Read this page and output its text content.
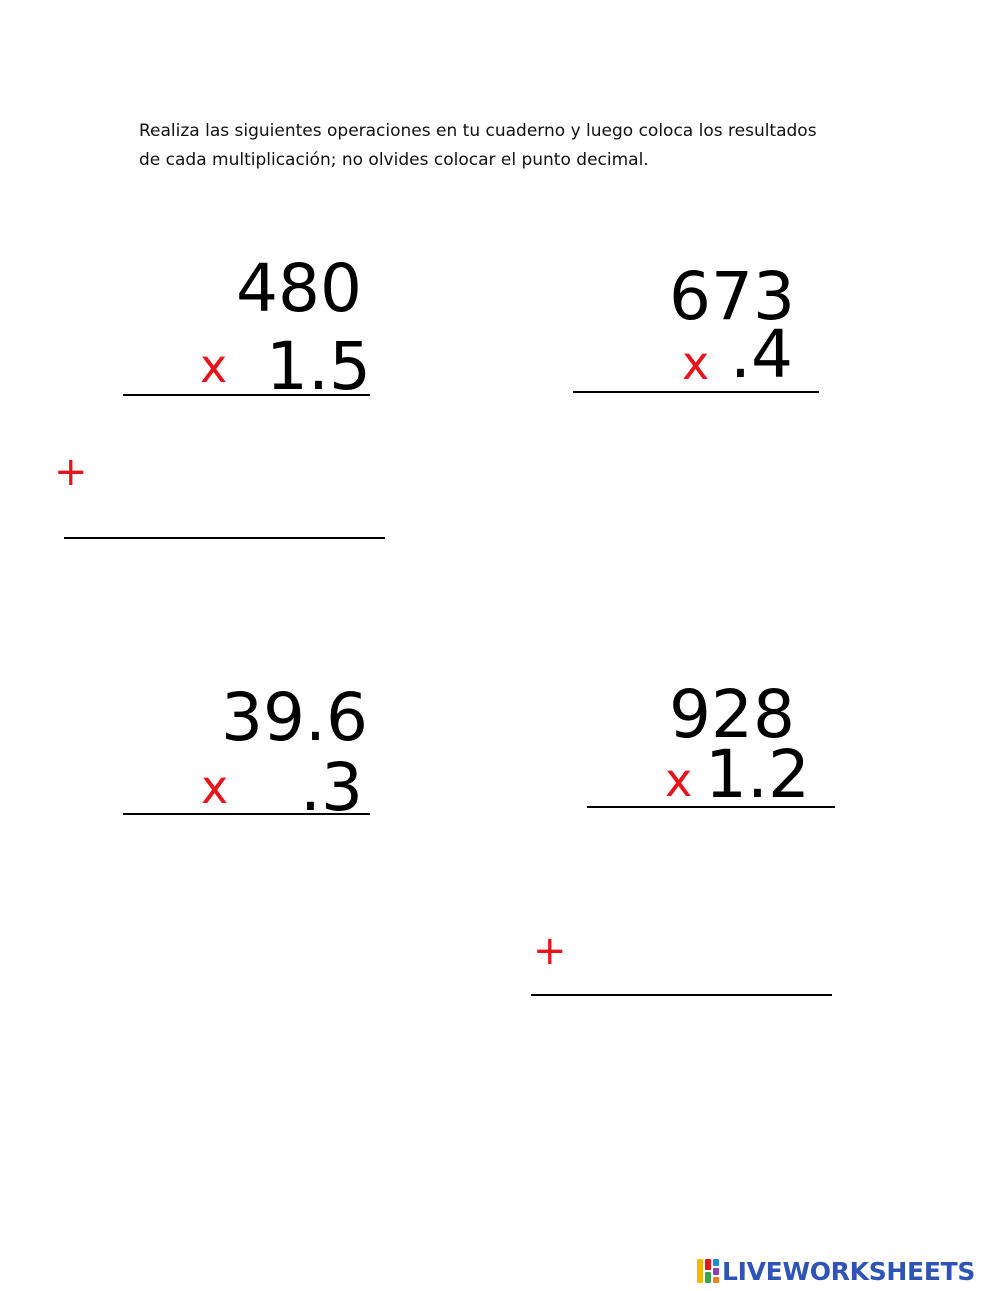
Realiza las siguientes operaciones en tu cuaderno y luego coloca los resultados
de cada multiplicación; no olvides colocar el punto decimal.
480
x 1.5
+
673
x .4
39.6
x .3
928
x 1.2
+
LIVEWORKSHEETS
